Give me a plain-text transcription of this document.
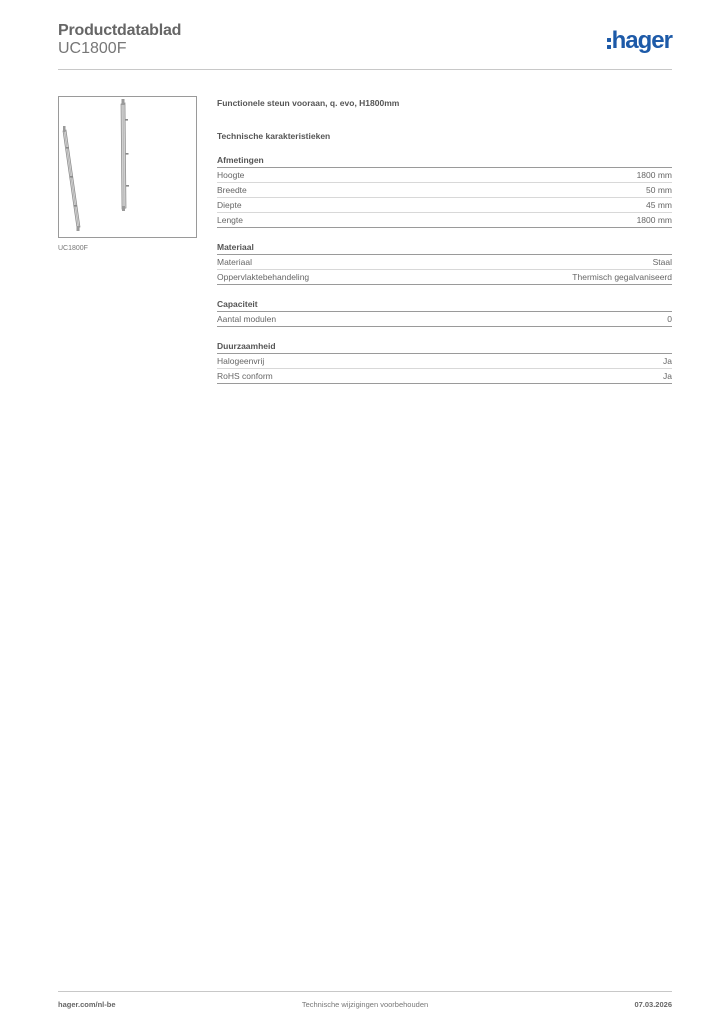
Productdatablad
UC1800F	hager
UC1800F
Functionele steun vooraan, q. evo, H1800mm
Technische karakteristieken
Afmetingen
Hoogte	1800 mm
Breedte	50 mm
Diepte	45 mm
Lengte	1800 mm
Materiaal
Materiaal	Staal
Oppervlaktebehandeling	Thermisch gegalvaniseerd
Capaciteit
Aantal modulen	0
Duurzaamheid
Halogeenvrij	Ja
RoHS conform	Ja
hager.com/nl-be	Technische wijzigingen voorbehouden	07.03.2026
